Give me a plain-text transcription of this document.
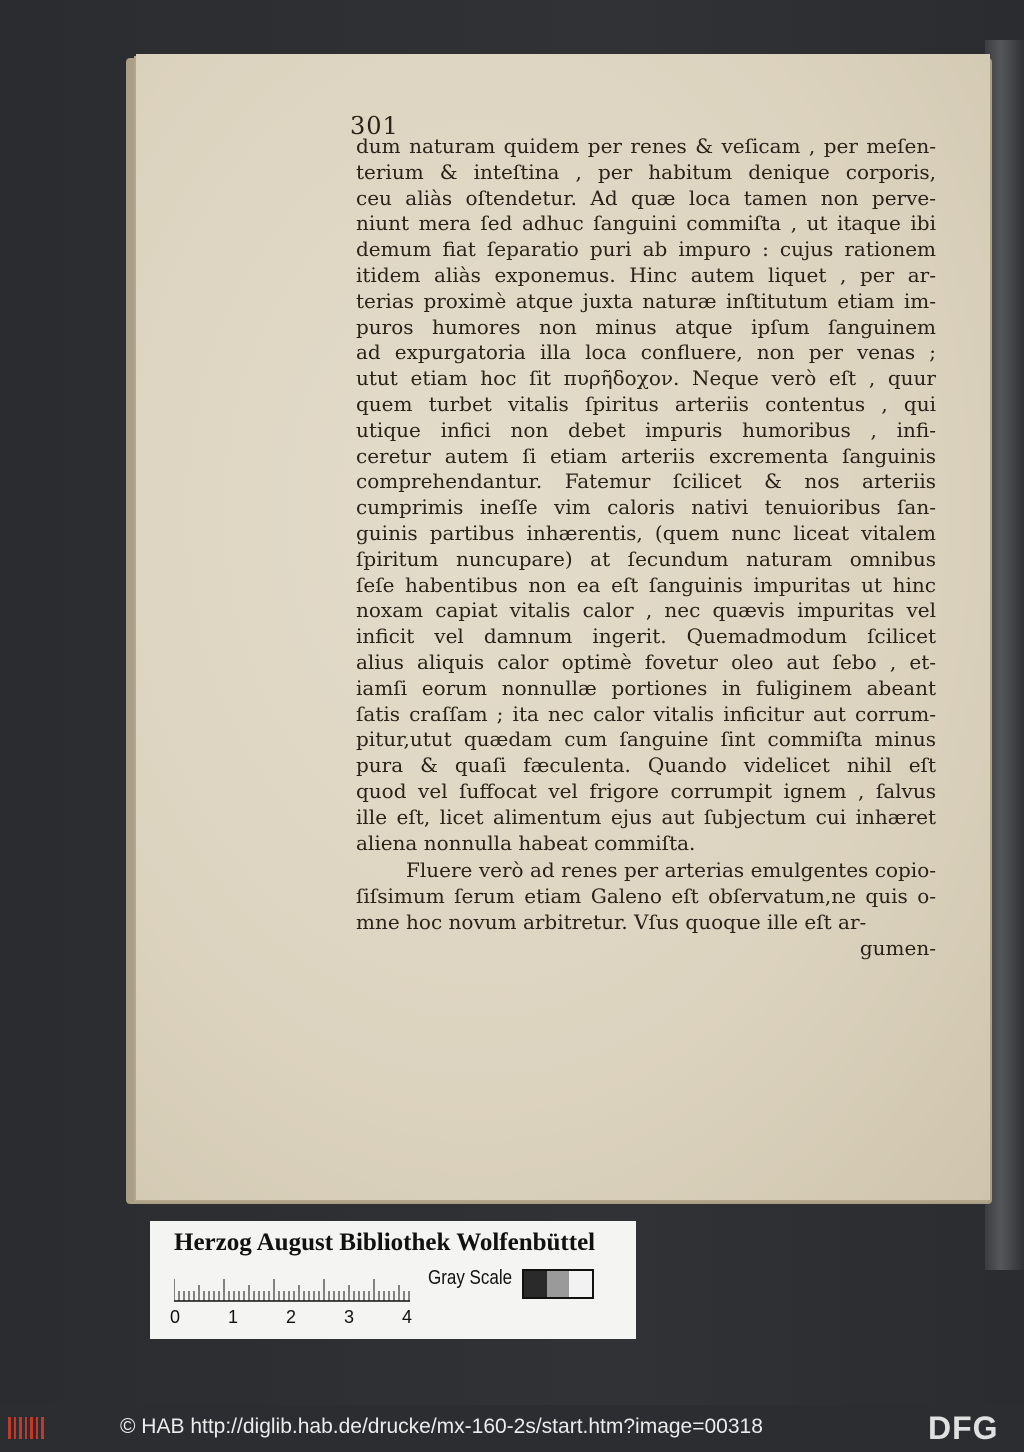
301
dum naturam quidem per renes & veſicam , per meſen-
terium & inteſtina , per habitum denique corporis,
ceu aliàs oſtendetur. Ad quæ loca tamen non perve-
niunt mera ſed adhuc ſanguini commiſta , ut itaque ibi
demum fiat ſeparatio puri ab impuro : cujus rationem
itidem aliàs exponemus. Hinc autem liquet , per ar-
terias proximè atque juxta naturæ inſtitutum etiam im-
puros humores non minus atque ipſum ſanguinem
ad expurgatoria illa loca confluere, non per venas ;
utut etiam hoc ſit πυρῆδοχον. Neque verò eſt , quur
quem turbet vitalis ſpiritus arteriis contentus , qui
utique infici non debet impuris humoribus , infi-
ceretur autem ſi etiam arteriis excrementa ſanguinis
comprehendantur. Fatemur ſcilicet & nos arteriis
cumprimis ineſſe vim caloris nativi tenuioribus ſan-
guinis partibus inhærentis, (quem nunc liceat vitalem
ſpiritum nuncupare) at ſecundum naturam omnibus
ſeſe habentibus non ea eſt ſanguinis impuritas ut hinc
noxam capiat vitalis calor , nec quævis impuritas vel
inficit vel damnum ingerit. Quemadmodum ſcilicet
alius aliquis calor optimè fovetur oleo aut ſebo , et-
iamſi eorum nonnullæ portiones in fuliginem abeant
ſatis craſſam ; ita nec calor vitalis inficitur aut corrum-
pitur,utut quædam cum ſanguine ſint commiſta minus
pura & quaſi fæculenta. Quando videlicet nihil eſt
quod vel ſuffocat vel frigore corrumpit ignem , ſalvus
ille eſt, licet alimentum ejus aut ſubjectum cui inhæret
aliena nonnulla habeat commiſta.
Fluere verò ad renes per arterias emulgentes copio-
ſiſsimum ſerum etiam Galeno eſt obſervatum,ne quis o-
mne hoc novum arbitretur. Vſus quoque ille eſt ar-
gumen-
Herzog August Bibliothek Wolfenbüttel
0	1	2	3	4
Gray Scale
© HAB http://diglib.hab.de/drucke/mx-160-2s/start.htm?image=00318	DFG
